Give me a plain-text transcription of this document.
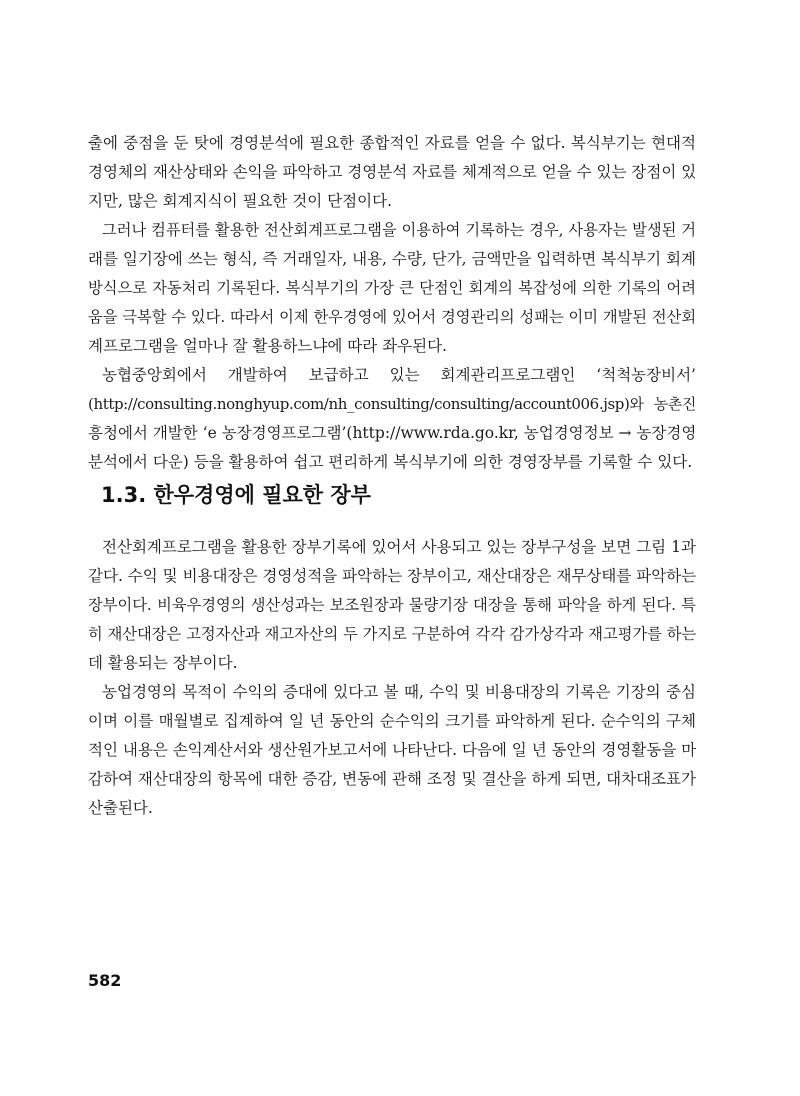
출에 중점을 둔 탓에 경영분석에 필요한 종합적인 자료를 얻을 수 없다. 복식부기는 현대적
경영체의 재산상태와 손익을 파악하고 경영분석 자료를 체계적으로 얻을 수 있는 장점이 있
지만, 많은 회계지식이 필요한 것이 단점이다.
그러나 컴퓨터를 활용한 전산회계프로그램을 이용하여 기록하는 경우, 사용자는 발생된 거
래를 일기장에 쓰는 형식, 즉 거래일자, 내용, 수량, 단가, 금액만을 입력하면 복식부기 회계
방식으로 자동처리 기록된다. 복식부기의 가장 큰 단점인 회계의 복잡성에 의한 기록의 어려
움을 극복할 수 있다. 따라서 이제 한우경영에 있어서 경영관리의 성패는 이미 개발된 전산회
계프로그램을 얼마나 잘 활용하느냐에 따라 좌우된다.
농협중앙회에서 개발하여 보급하고 있는 회계관리프로그램인 ‘척척농장비서’
(http://consulting.nonghyup.com/nh_consulting/consulting/account006.jsp)와 농촌진
흥청에서 개발한 ‘e 농장경영프로그램’(http://www.rda.go.kr, 농업경영정보 → 농장경영
분석에서 다운) 등을 활용하여 쉽고 편리하게 복식부기에 의한 경영장부를 기록할 수 있다.
1.3. 한우경영에 필요한 장부
전산회계프로그램을 활용한 장부기록에 있어서 사용되고 있는 장부구성을 보면 그림 1과
같다. 수익 및 비용대장은 경영성적을 파악하는 장부이고, 재산대장은 재무상태를 파악하는
장부이다. 비육우경영의 생산성과는 보조원장과 물량기장 대장을 통해 파악을 하게 된다. 특
히 재산대장은 고정자산과 재고자산의 두 가지로 구분하여 각각 감가상각과 재고평가를 하는
데 활용되는 장부이다.
농업경영의 목적이 수익의 증대에 있다고 볼 때, 수익 및 비용대장의 기록은 기장의 중심
이며 이를 매월별로 집계하여 일 년 동안의 순수익의 크기를 파악하게 된다. 순수익의 구체
적인 내용은 손익계산서와 생산원가보고서에 나타난다. 다음에 일 년 동안의 경영활동을 마
감하여 재산대장의 항목에 대한 증감, 변동에 관해 조정 및 결산을 하게 되면, 대차대조표가
산출된다.
582
